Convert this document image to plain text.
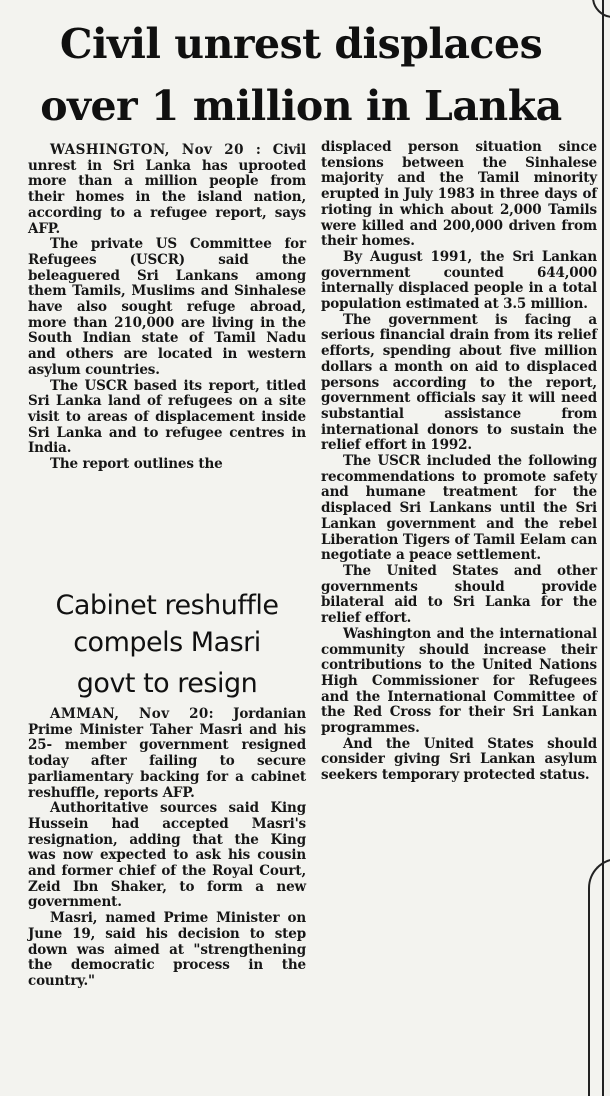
Civil unrest displaces
over 1 million in Lanka

WASHINGTON, Nov 20 : Civil unrest in Sri Lanka has uprooted more than a million people from their homes in the island nation, according to a refugee report, says AFP.

The private US Committee for Refugees (USCR) said the beleaguered Sri Lankans among them Tamils, Muslims and Sinhalese have also sought refuge abroad, more than 210,000 are living in the South Indian state of Tamil Nadu and others are located in western asylum countries.

The USCR based its report, titled Sri Lanka land of refugees on a site visit to areas of displacement inside Sri Lanka and to refugee centres in India.

The report outlines the

Cabinet reshuffle
compels Masri
govt to resign

AMMAN, Nov 20: Jordanian Prime Minister Taher Masri and his 25- member government resigned today after failing to secure parliamentary backing for a cabinet reshuffle, reports AFP.

Authoritative sources said King Hussein had accepted Masri's resignation, adding that the King was now expected to ask his cousin and former chief of the Royal Court, Zeid Ibn Shaker, to form a new government.

Masri, named Prime Minister on June 19, said his decision to step down was aimed at "strengthening the democratic process in the country."

displaced person situation since tensions between the Sinhalese majority and the Tamil minority erupted in July 1983 in three days of rioting in which about 2,000 Tamils were killed and 200,000 driven from their homes.

By August 1991, the Sri Lankan government counted 644,000 internally displaced people in a total population estimated at 3.5 million.

The government is facing a serious financial drain from its relief efforts, spending about five million dollars a month on aid to displaced persons according to the report, government officials say it will need substantial assistance from international donors to sustain the relief effort in 1992.

The USCR included the following recommendations to promote safety and humane treatment for the displaced Sri Lankans until the Sri Lankan government and the rebel Liberation Tigers of Tamil Eelam can negotiate a peace settlement.

The United States and other governments should provide bilateral aid to Sri Lanka for the relief effort.

Washington and the international community should increase their contributions to the United Nations High Commissioner for Refugees and the International Committee of the Red Cross for their Sri Lankan programmes.

And the United States should consider giving Sri Lankan asylum seekers temporary protected status.
